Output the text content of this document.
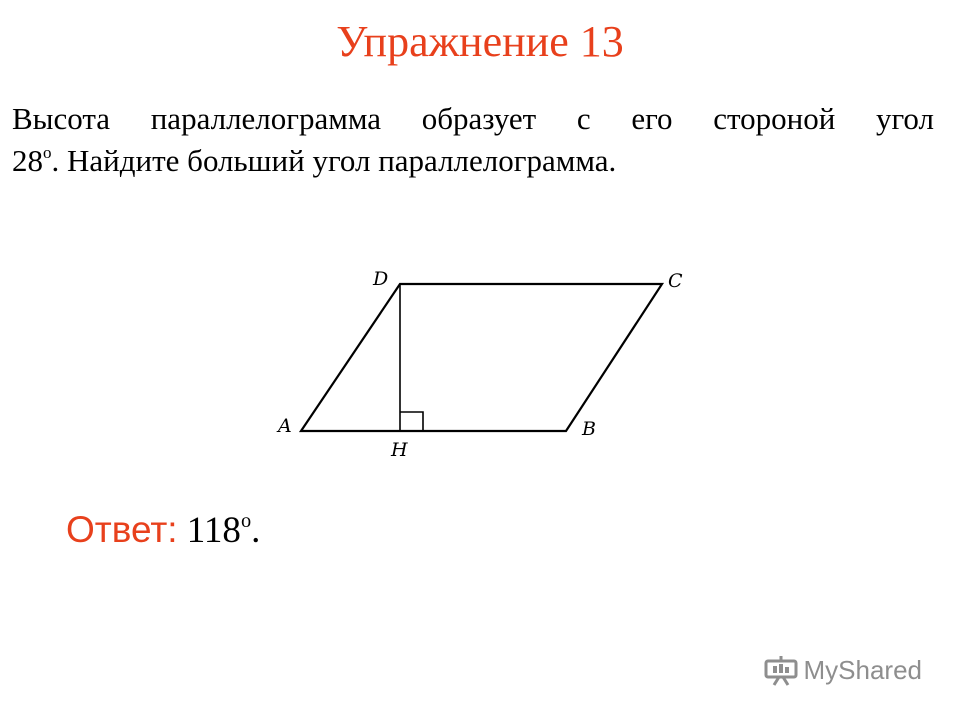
Упражнение 13

Высота параллелограмма образует с его стороной угол
28$^o$. Найдите больший угол параллелограмма.

A	B
C
D
H

Ответ: 118$^o$.

MyShared
